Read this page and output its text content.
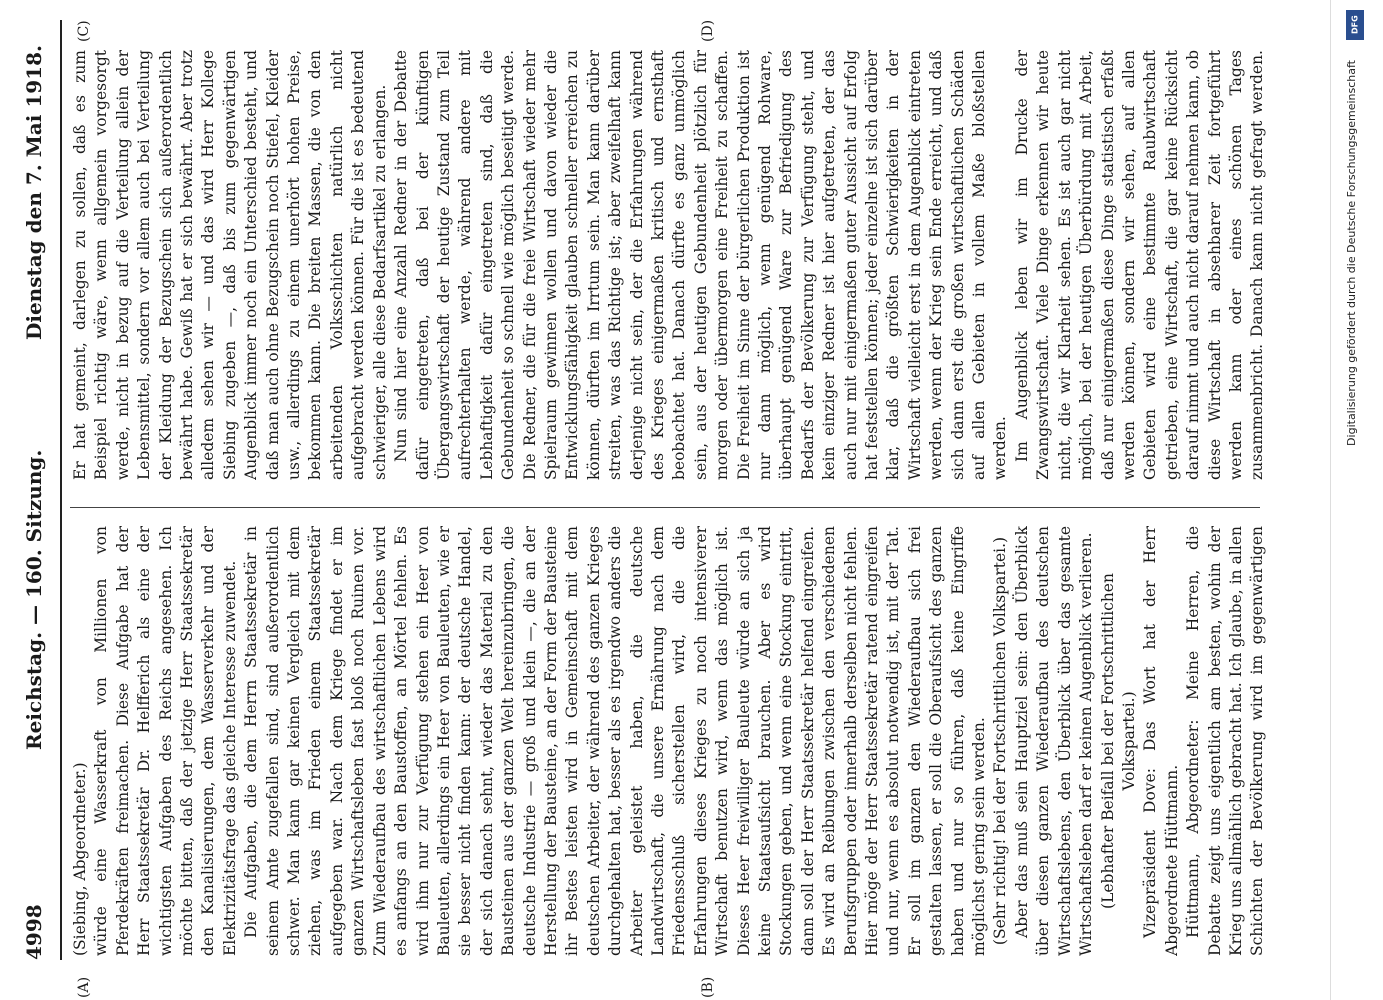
DFG
Digitalisierung gefördert durch die Deutsche Forschungsgemeinschaft
4998
Reichstag. — 160. Sitzung.
Dienstag den 7. Mai 1918.
(A)	(B)
(C)	(D)

(Siebing, Abgeordneter.) würde eine Wasserkraft von Millionen von Pferdekräften freimachen. Diese Aufgabe hat der Herr Staatssekretär Dr. Helfferich als eine der wichtigsten Aufgaben des Reichs angesehen. Ich möchte bitten, daß der jetzige Herr Staatssekretär den Kanalisierungen, dem Wasserverkehr und der Elektrizitätsfrage das gleiche Interesse zuwendet. Die Aufgaben, die dem Herrn Staatssekretär in seinem Amte zugefallen sind, sind außerordentlich schwer. Man kann gar keinen Vergleich mit dem ziehen, was im Frieden einem Staatssekretär aufgegeben war. Nach dem Kriege findet er im ganzen Wirtschaftsleben fast bloß noch Ruinen vor. Zum Wiederaufbau des wirtschaftlichen Lebens wird es anfangs an den Baustoffen, an Mörtel fehlen. Es wird ihm nur zur Verfügung stehen ein Heer von Bauleuten, allerdings ein Heer von Bauleuten, wie er sie besser nicht finden kann: der deutsche Handel, der sich danach sehnt, wieder das Material zu den Bausteinen aus der ganzen Welt hereinzubringen, die deutsche Industrie — groß und klein —, die an der Herstellung der Bausteine, an der Form der Bausteine ihr Bestes leisten wird in Gemeinschaft mit dem deutschen Arbeiter, der während des ganzen Krieges durchgehalten hat, besser als es irgendwo anders die Arbeiter geleistet haben, die deutsche Landwirtschaft, die unsere Ernährung nach dem Friedensschluß sicherstellen wird, die die Erfahrungen dieses Krieges zu noch intensiverer Wirtschaft benutzen wird, wenn das möglich ist. Dieses Heer freiwilliger Bauleute würde an sich ja keine Staatsaufsicht brauchen. Aber es wird Stockungen geben, und wenn eine Stockung eintritt, dann soll der Herr Staatssekretär helfend eingreifen. Es wird an Reibungen zwischen den verschiedenen Berufsgruppen oder innerhalb derselben nicht fehlen. Hier möge der Herr Staatssekretär ratend eingreifen und nur, wenn es absolut notwendig ist, mit der Tat. Er soll im ganzen den Wiederaufbau sich frei gestalten lassen, er soll die Oberaufsicht des ganzen haben und nur so führen, daß keine Eingriffe möglichst gering sein werden. (Sehr richtig! bei der Fortschrittlichen Volkspartei.) Aber das muß sein Hauptziel sein: den Überblick über diesen ganzen Wiederaufbau des deutschen Wirtschaftslebens, den Überblick über das gesamte Wirtschaftsleben darf er keinen Augenblick verlieren. (Lebhafter Beifall bei der Fortschrittlichen Volkspartei.) Vizepräsident Dove: Das Wort hat der Herr Abgeordnete Hüttmann. Hüttmann, Abgeordneter: Meine Herren, die Debatte zeigt uns eigentlich am besten, wohin der Krieg uns allmählich gebracht hat. Ich glaube, in allen Schichten der Bevölkerung wird im gegenwärtigen

Er hat gemeint, darlegen zu sollen, daß es zum Beispiel richtig wäre, wenn allgemein vorgesorgt werde, nicht in bezug auf die Verteilung allein der Lebensmittel, sondern vor allem auch bei Verteilung der Kleidung der Bezugschein sich außerordentlich bewährt habe. Gewiß hat er sich bewährt. Aber trotz alledem sehen wir — und das wird Herr Kollege Siebing zugeben —, daß bis zum gegenwärtigen Augenblick immer noch ein Unterschied besteht, und daß man auch ohne Bezugschein noch Stiefel, Kleider usw., allerdings zu einem unerhört hohen Preise, bekommen kann. Die breiten Massen, die von den arbeitenden Volksschichten natürlich nicht aufgebracht werden können. Für die ist es bedeutend schwieriger, alle diese Bedarfsartikel zu erlangen. Nun sind hier eine Anzahl Redner in der Debatte dafür eingetreten, daß bei der künftigen Übergangswirtschaft der heutige Zustand zum Teil aufrechterhalten werde, während andere mit Lebhaftigkeit dafür eingetreten sind, daß die Gebundenheit so schnell wie möglich beseitigt werde. Die Redner, die für die freie Wirtschaft wieder mehr Spielraum gewinnen wollen und davon wieder die Entwicklungsfähigkeit glauben schneller erreichen zu können, dürften im Irrtum sein. Man kann darüber streiten, was das Richtige ist; aber zweifelhaft kann derjenige nicht sein, der die Erfahrungen während des Krieges einigermaßen kritisch und ernsthaft beobachtet hat. Danach dürfte es ganz unmöglich sein, aus der heutigen Gebundenheit plötzlich für morgen oder übermorgen eine Freiheit zu schaffen. Die Freiheit im Sinne der bürgerlichen Produktion ist nur dann möglich, wenn genügend Rohware, überhaupt genügend Ware zur Befriedigung des Bedarfs der Bevölkerung zur Verfügung steht, und kein einziger Redner ist hier aufgetreten, der das auch nur mit einigermaßen guter Aussicht auf Erfolg hat feststellen können; jeder einzelne ist sich darüber klar, daß die größten Schwierigkeiten in der Wirtschaft vielleicht erst in dem Augenblick eintreten werden, wenn der Krieg sein Ende erreicht, und daß sich dann erst die großen wirtschaftlichen Schäden auf allen Gebieten in vollem Maße bloßstellen werden. Im Augenblick leben wir im Drucke der Zwangswirtschaft. Viele Dinge erkennen wir heute nicht, die wir Klarheit sehen. Es ist auch gar nicht möglich, bei der heutigen Überbürdung mit Arbeit, daß nur einigermaßen diese Dinge statistisch erfaßt werden können, sondern wir sehen, auf allen Gebieten wird eine bestimmte Raubwirtschaft getrieben, eine Wirtschaft, die gar keine Rücksicht darauf nimmt und auch nicht darauf nehmen kann, ob diese Wirtschaft in absehbarer Zeit fortgeführt werden kann oder eines schönen Tages zusammenbricht. Danach kann nicht gefragt werden.
